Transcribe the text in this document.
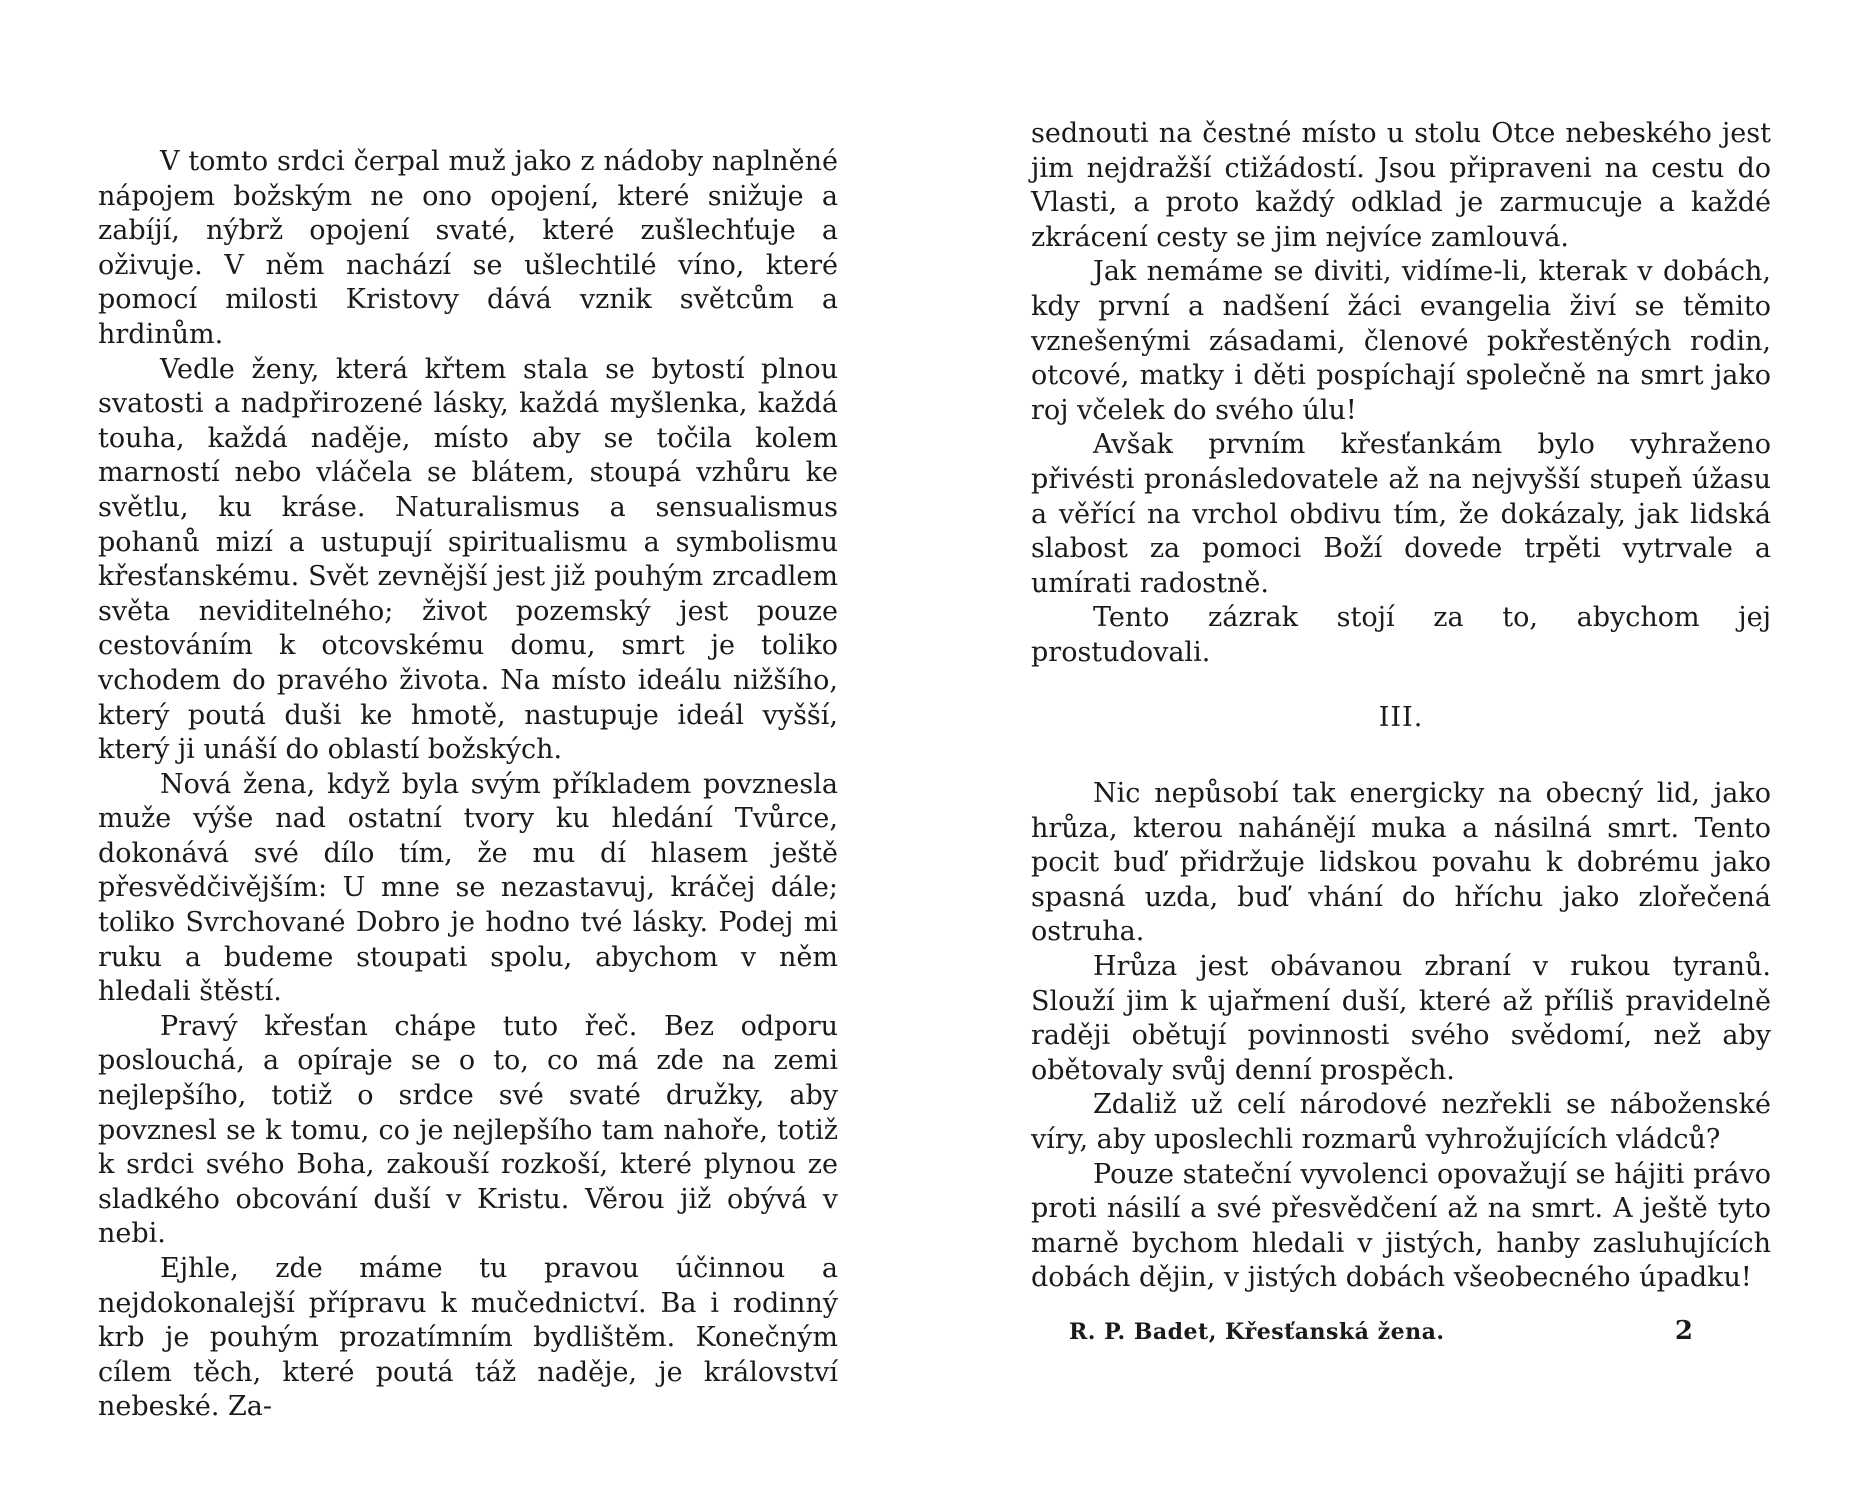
V tomto srdci čerpal muž jako z nádoby naplněné nápojem božským ne ono opojení, které snižuje a zabíjí, nýbrž opojení svaté, které zušlechťuje a oživuje. V něm nachází se ušlechtilé víno, které pomocí milosti Kristovy dává vznik světcům a hrdinům.

Vedle ženy, která křtem stala se bytostí plnou svatosti a nadpřirozené lásky, každá myšlenka, každá touha, každá naděje, místo aby se točila kolem marností nebo vláčela se blátem, stoupá vzhůru ke světlu, ku kráse. Naturalismus a sensualismus pohanů mizí a ustupují spiritualismu a symbolismu křesťanskému. Svět zevnější jest již pouhým zrcadlem světa neviditelného; život pozemský jest pouze cestováním k otcovskému domu, smrt je toliko vchodem do pravého života. Na místo ideálu nižšího, který poutá duši ke hmotě, nastupuje ideál vyšší, který ji unáší do oblastí božských.

Nová žena, když byla svým příkladem povznesla muže výše nad ostatní tvory ku hledání Tvůrce, dokonává své dílo tím, že mu dí hlasem ještě přesvědčivějším: U mne se nezastavuj, kráčej dále; toliko Svrchované Dobro je hodno tvé lásky. Podej mi ruku a budeme stoupati spolu, abychom v něm hledali štěstí.

Pravý křesťan chápe tuto řeč. Bez odporu poslouchá, a opíraje se o to, co má zde na zemi nejlepšího, totiž o srdce své svaté družky, aby povznesl se k tomu, co je nejlepšího tam nahoře, totiž k srdci svého Boha, zakouší rozkoší, které plynou ze sladkého obcování duší v Kristu. Věrou již obývá v nebi.

Ejhle, zde máme tu pravou účinnou a nejdokonalejší přípravu k mučednictví. Ba i rodinný krb je pouhým prozatímním bydlištěm. Konečným cílem těch, které poutá táž naděje, je království nebeské. Za-

sednouti na čestné místo u stolu Otce nebeského jest jim nejdražší ctižádostí. Jsou připraveni na cestu do Vlasti, a proto každý odklad je zarmucuje a každé zkrácení cesty se jim nejvíce zamlouvá.

Jak nemáme se diviti, vidíme-li, kterak v dobách, kdy první a nadšení žáci evangelia živí se těmito vznešenými zásadami, členové pokřestěných rodin, otcové, matky i děti pospíchají společně na smrt jako roj včelek do svého úlu!

Avšak prvním křesťankám bylo vyhraženo přivésti pronásledovatele až na nejvyšší stupeň úžasu a věřící na vrchol obdivu tím, že dokázaly, jak lidská slabost za pomoci Boží dovede trpěti vytrvale a umírati radostně.

Tento zázrak stojí za to, abychom jej prostudovali.

III.

Nic nepůsobí tak energicky na obecný lid, jako hrůza, kterou nahánějí muka a násilná smrt. Tento pocit buď přidržuje lidskou povahu k dobrému jako spasná uzda, buď vhání do hříchu jako zlořečená ostruha.

Hrůza jest obávanou zbraní v rukou tyranů. Slouží jim k ujařmení duší, které až příliš pravidelně raději obětují povinnosti svého svědomí, než aby obětovaly svůj denní prospěch.

Zdaliž už celí národové nezřekli se náboženské víry, aby uposlechli rozmarů vyhrožujících vládců?

Pouze stateční vyvolenci opovažují se hájiti právo proti násilí a své přesvědčení až na smrt. A ještě tyto marně bychom hledali v jistých, hanby zasluhujících dobách dějin, v jistých dobách všeobecného úpadku!

R. P. Badet, Křesťanská žena.	2
